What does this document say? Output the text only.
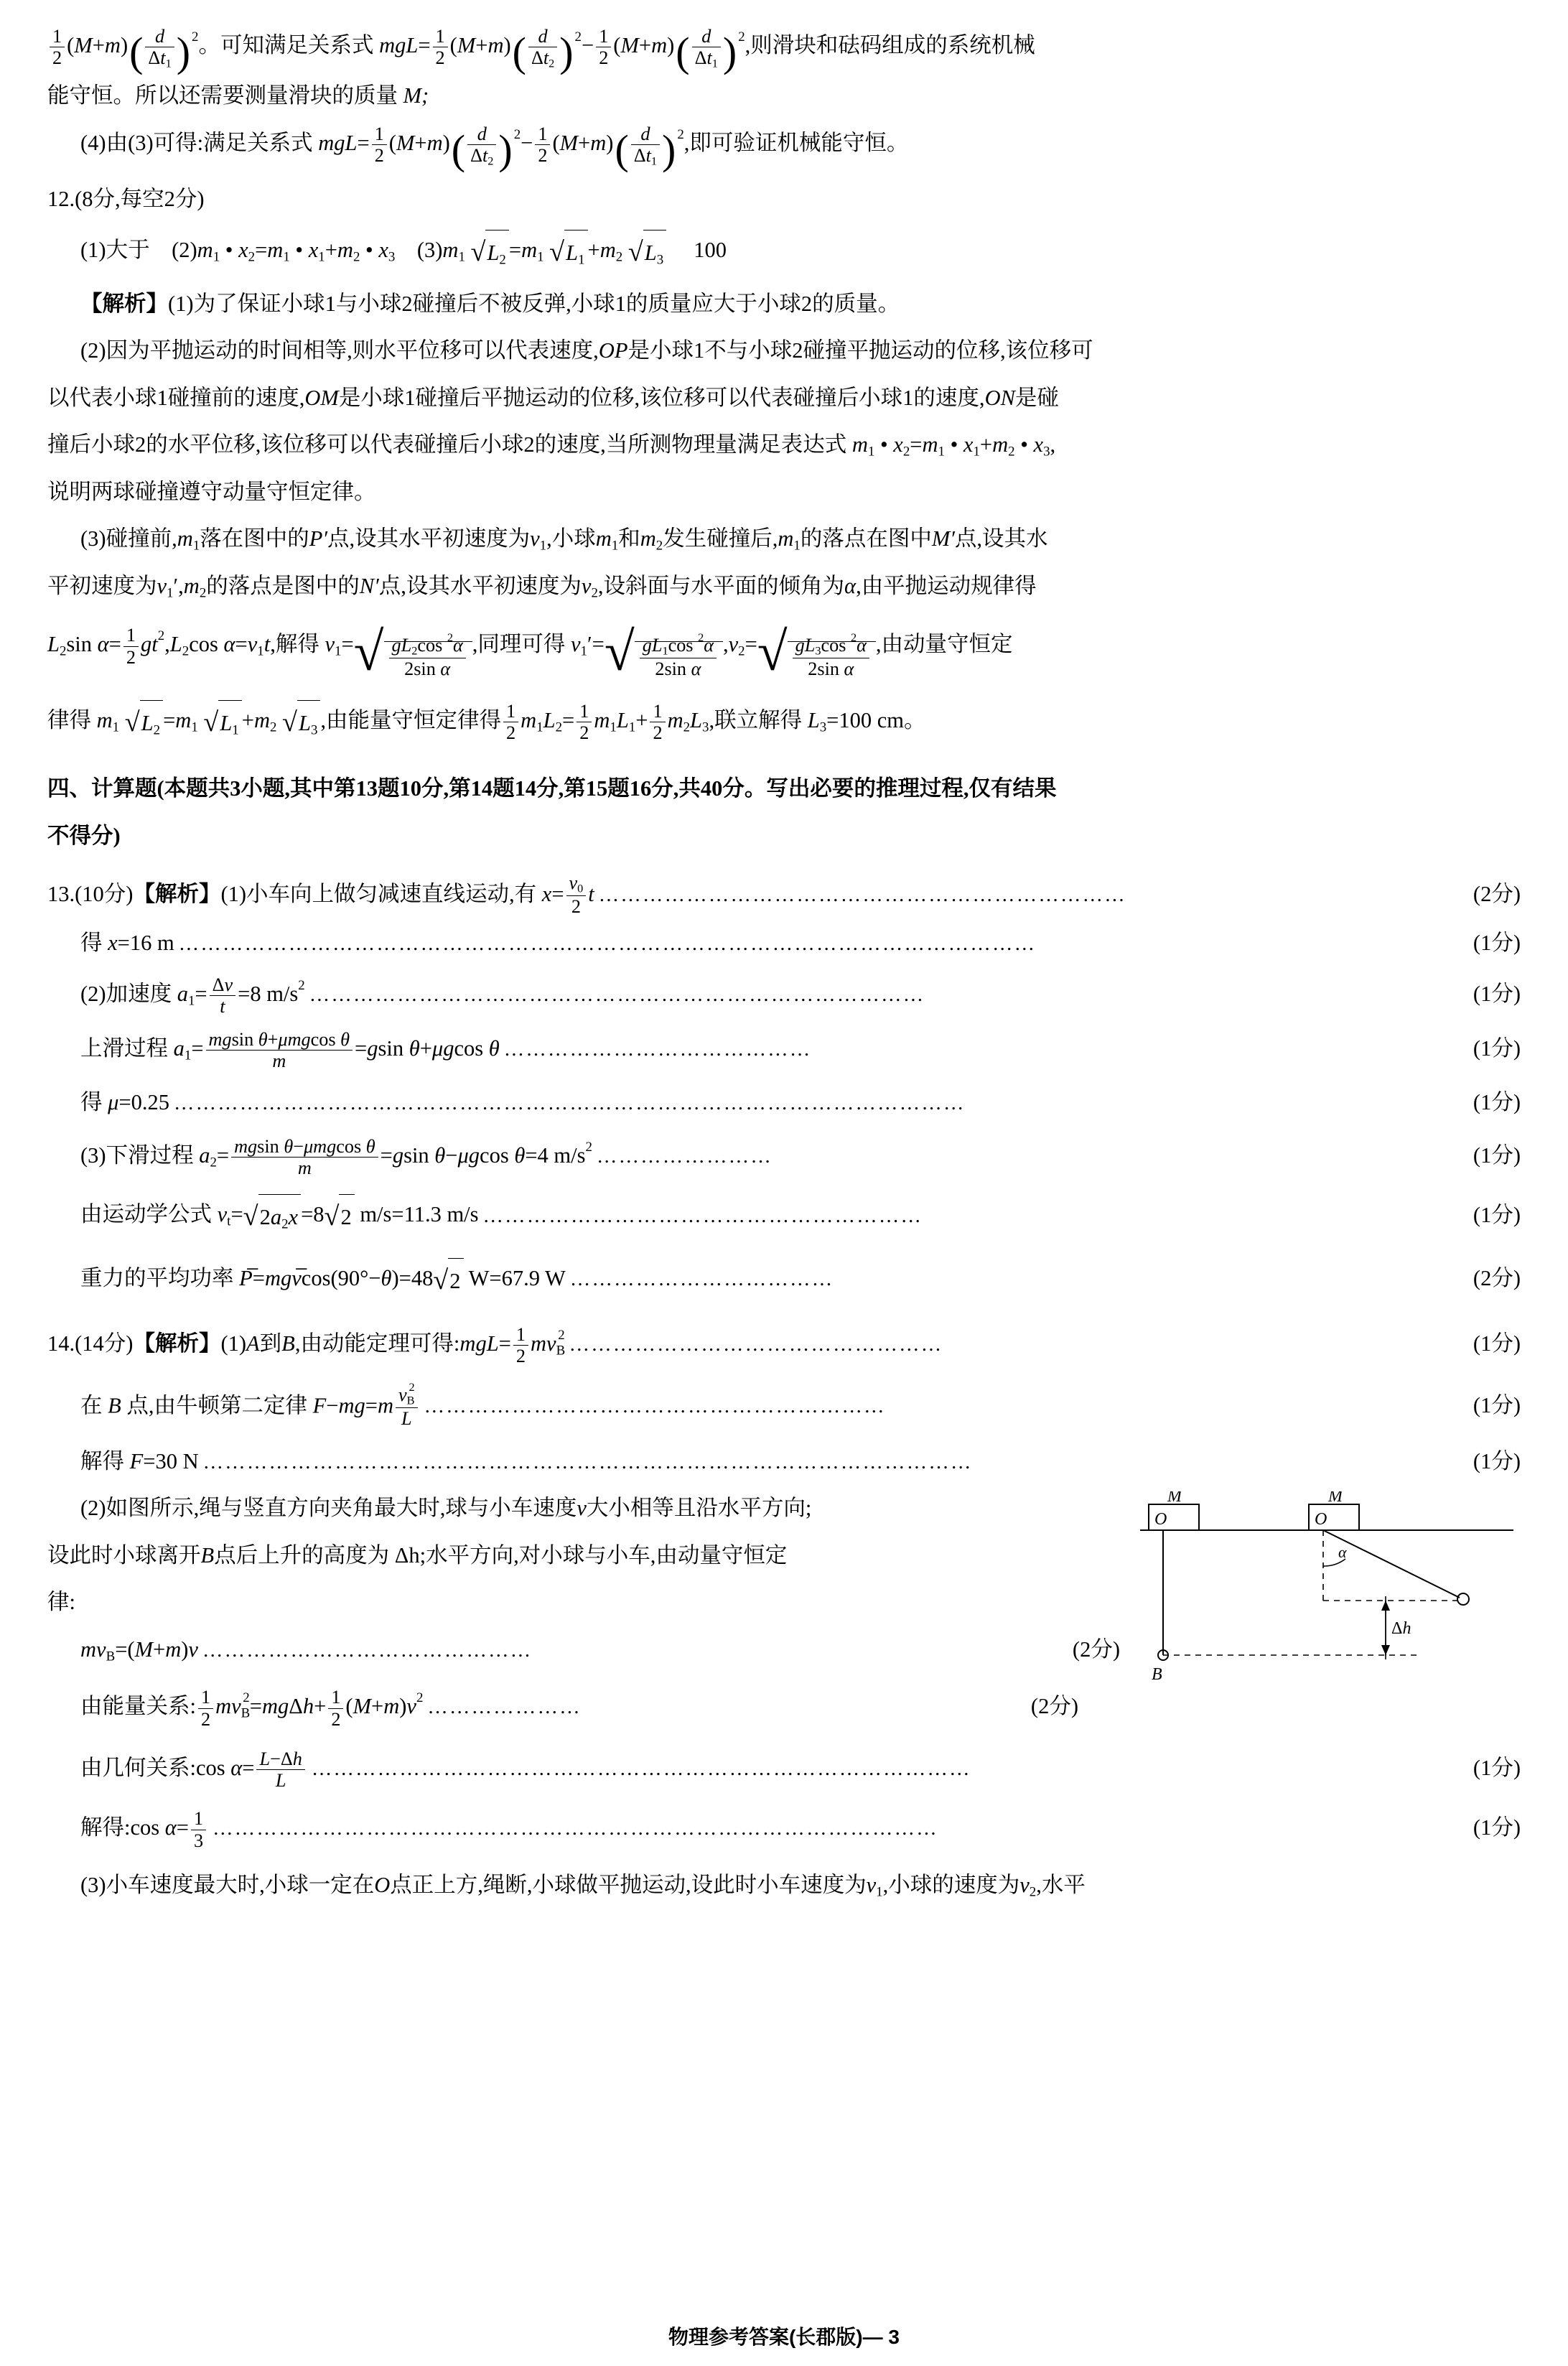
$\frac{1}{2} (M+m)( \frac{d}{\Delta t_1}$ ) $^2$。可知满足关系式 $mgL= \frac{1}{2} (M+m)( \frac{d}{\Delta t_2}$ ) $^2- \frac{1}{2} (M+m)( \frac{d}{\Delta t_1}$ ) $^2$,则滑块和砝码组成的系统机械
能守恒。所以还需要测量滑块的质量 M;
(4)由(3)可得:满足关系式 $mgL= \frac{1}{2} (M+m)( \frac{d}{\Delta t_2}$ ) $^2- \frac{1}{2} (M+m)( \frac{d}{\Delta t_1}$ ) $^2$,即可验证机械能守恒。
12.(8分,每空2分)
(1)大于 $(2)m_1$ • $x_2=m_1$ • $x_1+m_2$ • $x_3$ $(3)m_1$ $√L_2 =m_1$ $√L_1 +m_2$ $√L_3$ 100
【解析】(1)为了保证小球1与小球2碰撞后不被反弹,小球1的质量应大于小球2的质量。
(2)因为平抛运动的时间相等,则水平位移可以代表速度,OP是小球1不与小球2碰撞平抛运动的位移,该位移可
以代表小球1碰撞前的速度,OM是小球1碰撞后平抛运动的位移,该位移可以代表碰撞后小球1的速度,ON是碰
撞后小球2的水平位移,该位移可以代表碰撞后小球2的速度,当所测物理量满足表达式 $m_1$ • $x_2=m_1$ • $x_1+m_2$ • $x_3$,
说明两球碰撞遵守动量守恒定律。
(3)碰撞前$,m_1$落在图中的P′点,设其水平初速度为$v_1$,小球$m_1$和$m_2$发生碰撞后$,m_1$的落点在图中M′点,设其水
平初速度为$v_1',m_2$的落点是图中的N′点,设其水平初速度为$v_2$,设斜面与水平面的倾角为α,由平抛运动规律得
$L_2\sin$ $\alpha= \frac{1}{2} gt^2,L_2\cos$ $\alpha=v_1t$,解得 $v_1=√ \frac{gL_2\cos ^2\alpha}{\text{2sin α}}$ ,同理可得 $v_1'=√ \frac{gL_1\cos ^2\alpha}{\text{2sin α}} ,v_2=√ \frac{gL_3\cos ^2\alpha}{\text{2sin α}}$ ,由动量守恒定
律得 $m_1$ $√L_2 =m_1$ $√L_1 +m_2$ $√L_3$ ,由能量守恒定律得 $\frac{1}{2} m_1L_2= \frac{1}{2} m_1L_1+ \frac{1}{2} m_2L_3$,联立解得 $L_3=100$ cm。
四、计算题(本题共3小题,其中第13题10分,第14题14分,第15题16分,共40分。写出必要的推理过程,仅有结果
不得分)
13.(10分)【解析】(1)小车向上做匀减速直线运动,有 $x= \frac{v_0}{2}$ t ………………………………………………………………	(2分)
得 x=16 m ………………………………………………………………………………………………………	(1分)
(2)加速度 $a_1= \frac{\Delta v}{t} =8$ $m/s^2$ …………………………………………………………………………	(1分)
上滑过程 $a_1= mgsin$ θ+μmgcos θ
m
=gsin θ+μgcos θ ……………………………………	(1分)
得 μ=0.25 ………………………………………………………………………………………………	(1分)
(3)下滑过程 $a_2= mgsin$ θ−μmgcos θ
m
=gsin θ−μgcos θ=4 $m/s^2$ ……………………	(1分)
由运动学公式 $v_t=√2a_2x =8√2$ m/s=11.3 m/s ……………………………………………………	(1分)
重力的平均功率 P̅=mgv̅cos(90°−θ)=48√2 W=67.9 W ………………………………	(2分)
14.(14分)【解析】(1)A到B,由动能定理可得:mgL= $\frac{1}{2} mv_B^2$ ……………………………………………	(1分)
在 B 点,由牛顿第二定律 $F-mg=m \frac{v_B^2}{L}$ ………………………………………………………	(1分)
解得 F=30 N ……………………………………………………………………………………………	(1分)
M
O
M
O
B
α
Δh
(2)如图所示,绳与竖直方向夹角最大时,球与小车速度v大小相等且沿水平方向;
设此时小球离开B点后上升的高度为 Δh;水平方向,对小球与小车,由动量守恒定
律:
$mv_B=(M+m)v$ ………………………………………	(2分)
由能量关系: $\frac{1}{2} mv_B^2=mg\Delta h+ \frac{1}{2} (M+m)v^2$ …………………	(2分)
由几何关系:cos $\alpha= \frac{L-\Delta h}{L}$ ………………………………………………………………………………	(1分)
解得:cos $\alpha= \frac{1}{3}$ ………………………………………………………………………………………	(1分)
(3)小车速度最大时,小球一定在O点正上方,绳断,小球做平抛运动,设此时小车速度为$v_1$,小球的速度为$v_2$,水平
物理参考答案(长郡版)— 3
